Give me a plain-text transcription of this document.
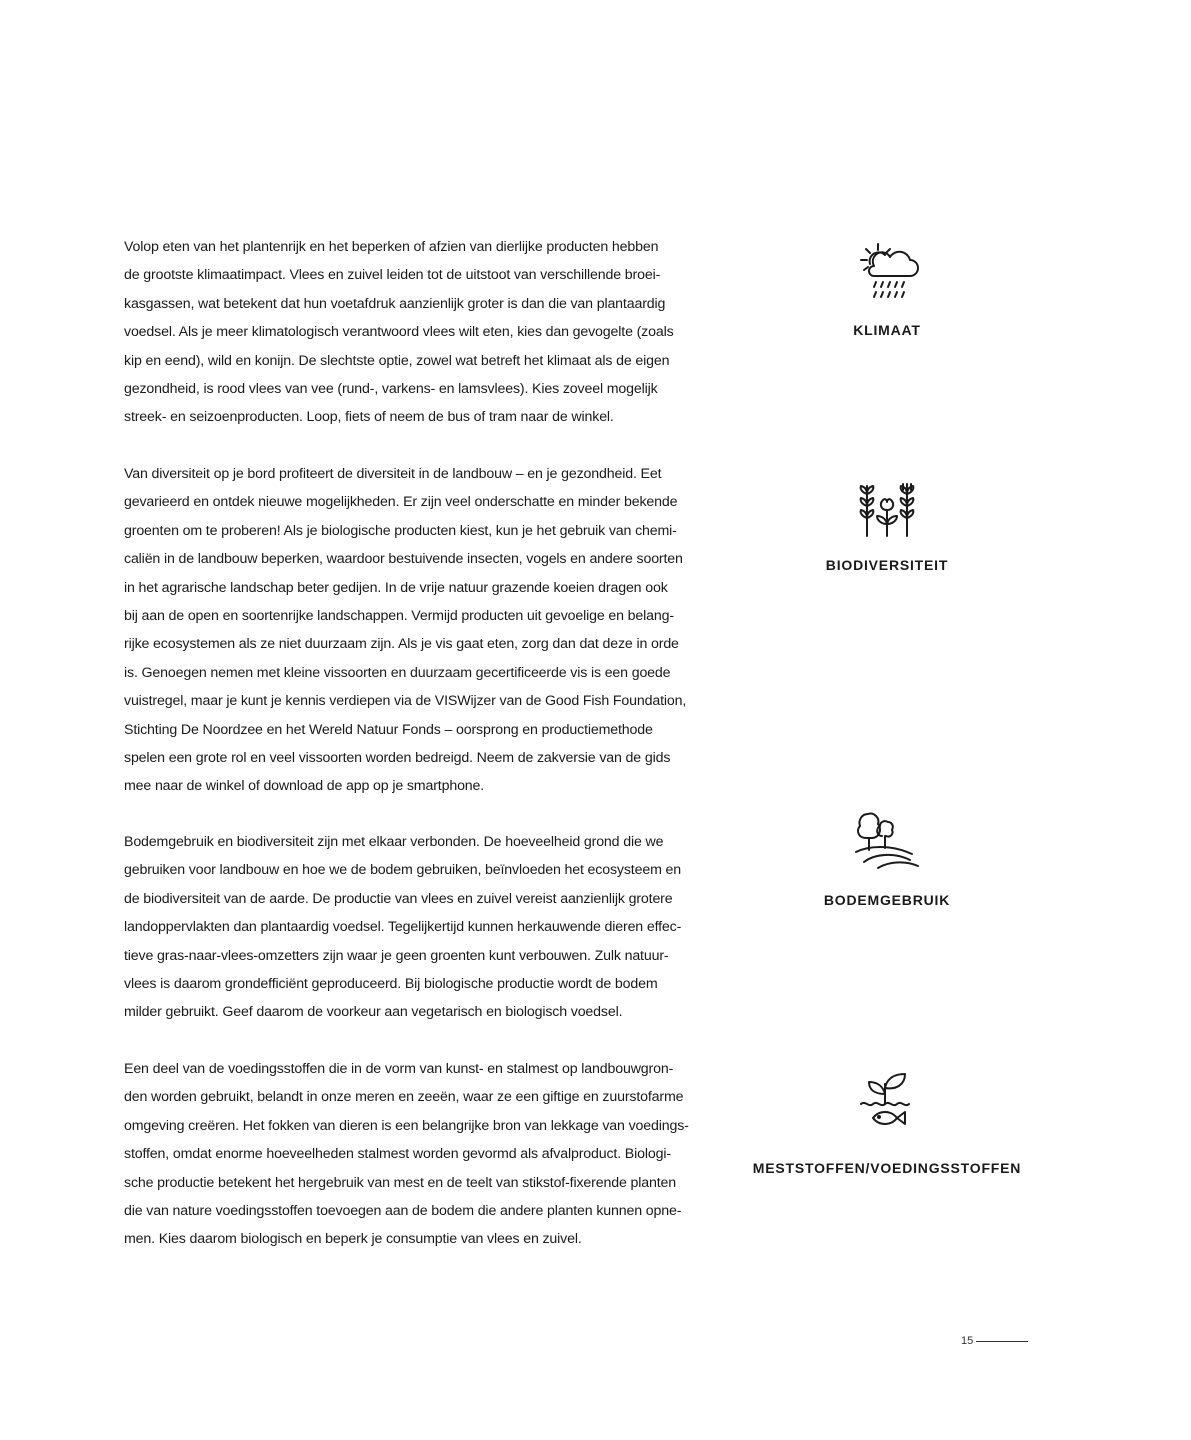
Volop eten van het plantenrijk en het beperken of afzien van dierlijke producten hebben

de grootste klimaatimpact. Vlees en zuivel leiden tot de uitstoot van verschillende broei-

kasgassen, wat betekent dat hun voetafdruk aanzienlijk groter is dan die van plantaardig

voedsel. Als je meer klimatologisch verantwoord vlees wilt eten, kies dan gevogelte (zoals

kip en eend), wild en konijn. De slechtste optie, zowel wat betreft het klimaat als de eigen

gezondheid, is rood vlees van vee (rund-, varkens- en lamsvlees). Kies zoveel mogelijk

streek- en seizoenproducten. Loop, fiets of neem de bus of tram naar de winkel.

Van diversiteit op je bord profiteert de diversiteit in de landbouw – en je gezondheid. Eet

gevarieerd en ontdek nieuwe mogelijkheden. Er zijn veel onderschatte en minder bekende

groenten om te proberen! Als je biologische producten kiest, kun je het gebruik van chemi-

caliën in de landbouw beperken, waardoor bestuivende insecten, vogels en andere soorten

in het agrarische landschap beter gedijen. In de vrije natuur grazende koeien dragen ook

bij aan de open en soortenrijke landschappen. Vermijd producten uit gevoelige en belang-

rijke ecosystemen als ze niet duurzaam zijn. Als je vis gaat eten, zorg dan dat deze in orde

is. Genoegen nemen met kleine vissoorten en duurzaam gecertificeerde vis is een goede

vuistregel, maar je kunt je kennis verdiepen via de VISWijzer van de Good Fish Foundation,

Stichting De Noordzee en het Wereld Natuur Fonds – oorsprong en productiemethode

spelen een grote rol en veel vissoorten worden bedreigd. Neem de zakversie van de gids

mee naar de winkel of download de app op je smartphone.

Bodemgebruik en biodiversiteit zijn met elkaar verbonden. De hoeveelheid grond die we

gebruiken voor landbouw en hoe we de bodem gebruiken, beïnvloeden het ecosysteem en

de biodiversiteit van de aarde. De productie van vlees en zuivel vereist aanzienlijk grotere

landoppervlakten dan plantaardig voedsel. Tegelijkertijd kunnen herkauwende dieren effec-

tieve gras-naar-vlees-omzetters zijn waar je geen groenten kunt verbouwen. Zulk natuur-

vlees is daarom grondefficiënt geproduceerd. Bij biologische productie wordt de bodem

milder gebruikt. Geef daarom de voorkeur aan vegetarisch en biologisch voedsel.

Een deel van de voedingsstoffen die in de vorm van kunst- en stalmest op landbouwgron-

den worden gebruikt, belandt in onze meren en zeeën, waar ze een giftige en zuurstofarme

omgeving creëren. Het fokken van dieren is een belangrijke bron van lekkage van voedings-

stoffen, omdat enorme hoeveelheden stalmest worden gevormd als afvalproduct. Biologi-

sche productie betekent het hergebruik van mest en de teelt van stikstof-fixerende planten

die van nature voedingsstoffen toevoegen aan de bodem die andere planten kunnen opne-

men. Kies daarom biologisch en beperk je consumptie van vlees en zuivel.

KLIMAAT
BIODIVERSITEIT
BODEMGEBRUIK
MESTSTOFFEN/VOEDINGSSTOFFEN
15
